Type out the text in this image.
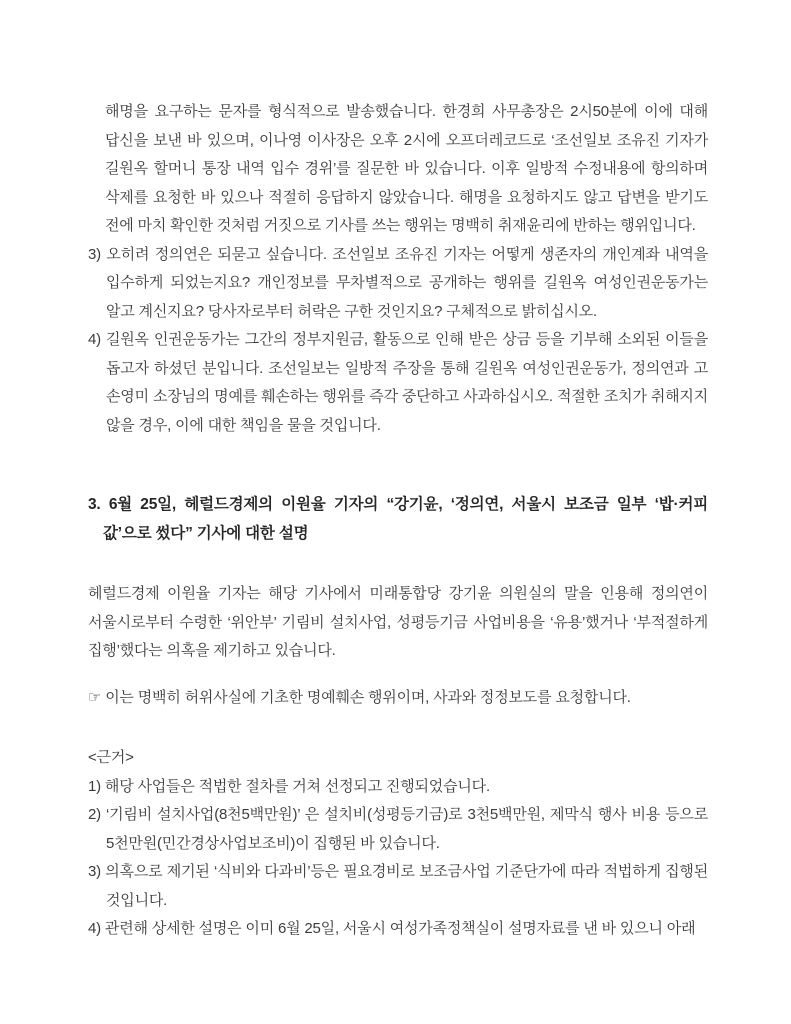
해명을 요구하는 문자를 형식적으로 발송했습니다. 한경희 사무총장은 2시50분에 이에 대해 답신을 보낸 바 있으며, 이나영 이사장은 오후 2시에 오프더레코드로 ‘조선일보 조유진 기자가 길원옥 할머니 통장 내역 입수 경위’를 질문한 바 있습니다. 이후 일방적 수정내용에 항의하며 삭제를 요청한 바 있으나 적절히 응답하지 않았습니다. 해명을 요청하지도 않고 답변을 받기도 전에 마치 확인한 것처럼 거짓으로 기사를 쓰는 행위는 명백히 취재윤리에 반하는 행위입니다.

3) 오히려 정의연은 되묻고 싶습니다. 조선일보 조유진 기자는 어떻게 생존자의 개인계좌 내역을 입수하게 되었는지요? 개인정보를 무차별적으로 공개하는 행위를 길원옥 여성인권운동가는 알고 계신지요? 당사자로부터 허락은 구한 것인지요? 구체적으로 밝히십시오.

4) 길원옥 인권운동가는 그간의 정부지원금, 활동으로 인해 받은 상금 등을 기부해 소외된 이들을 돕고자 하셨던 분입니다. 조선일보는 일방적 주장을 통해 길원옥 여성인권운동가, 정의연과 고 손영미 소장님의 명예를 훼손하는 행위를 즉각 중단하고 사과하십시오. 적절한 조치가 취해지지 않을 경우, 이에 대한 책임을 물을 것입니다.

3. 6월 25일, 헤럴드경제의 이원율 기자의 “강기윤, ‘정의연, 서울시 보조금 일부 ‘밥·커피 값’으로 썼다” 기사에 대한 설명

헤럴드경제 이원율 기자는 해당 기사에서 미래통합당 강기윤 의원실의 말을 인용해 정의연이 서울시로부터 수령한 ‘위안부’ 기림비 설치사업, 성평등기금 사업비용을 ‘유용’했거나 ‘부적절하게 집행’했다는 의혹을 제기하고 있습니다.

☞ 이는 명백히 허위사실에 기초한 명예훼손 행위이며, 사과와 정정보도를 요청합니다.

<근거>

1) 해당 사업들은 적법한 절차를 거쳐 선정되고 진행되었습니다.

2) ‘기림비 설치사업(8천5백만원)’ 은 설치비(성평등기금)로 3천5백만원, 제막식 행사 비용 등으로 5천만원(민간경상사업보조비)이 집행된 바 있습니다.

3) 의혹으로 제기된 ‘식비와 다과비’등은 필요경비로 보조금사업 기준단가에 따라 적법하게 집행된 것입니다.

4) 관련해 상세한 설명은 이미 6월 25일, 서울시 여성가족정책실이 설명자료를 낸 바 있으니 아래
